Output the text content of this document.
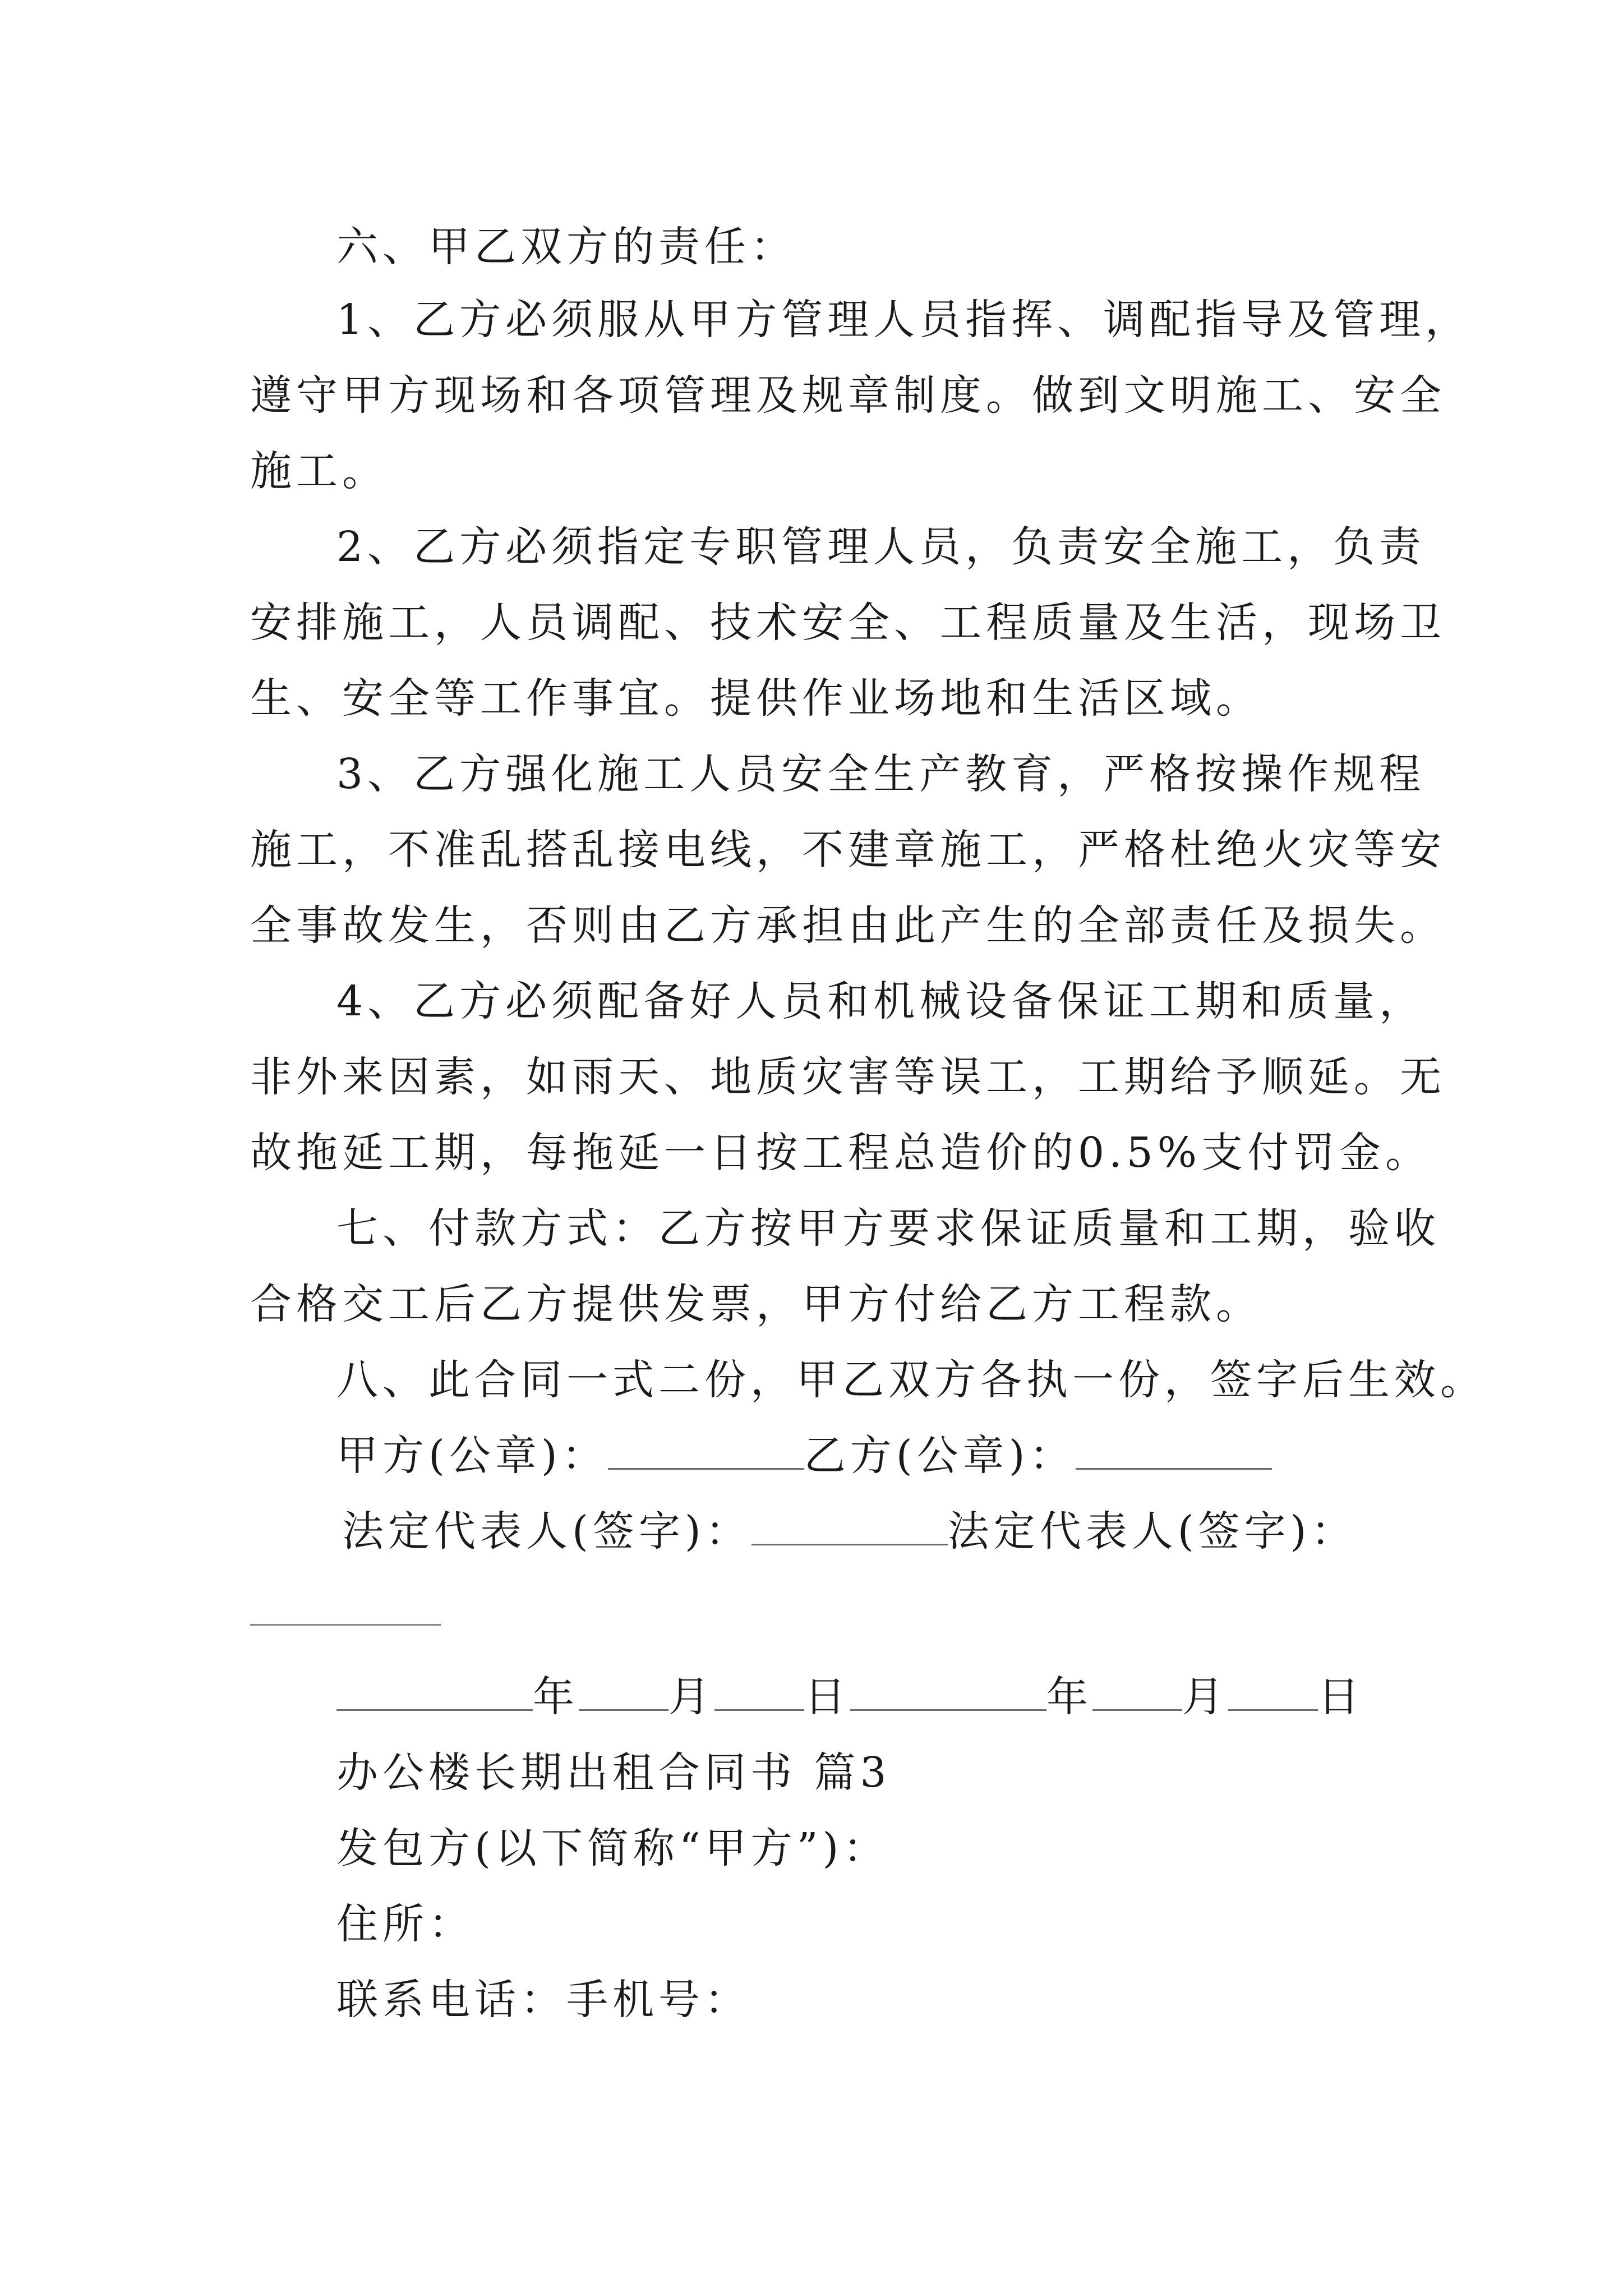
六、甲乙双方的责任：
1、乙方必须服从甲方管理人员指挥、调配指导及管理，
遵守甲方现场和各项管理及规章制度。做到文明施工、安全
施工。
2、乙方必须指定专职管理人员，负责安全施工，负责
安排施工，人员调配、技术安全、工程质量及生活，现场卫
生、安全等工作事宜。提供作业场地和生活区域。
3、乙方强化施工人员安全生产教育，严格按操作规程
施工，不准乱搭乱接电线，不建章施工，严格杜绝火灾等安
全事故发生，否则由乙方承担由此产生的全部责任及损失。
4、乙方必须配备好人员和机械设备保证工期和质量，
非外来因素，如雨天、地质灾害等误工，工期给予顺延。无
故拖延工期，每拖延一日按工程总造价的0.5%支付罚金。
七、付款方式：乙方按甲方要求保证质量和工期，验收
合格交工后乙方提供发票，甲方付给乙方工程款。
八、此合同一式二份，甲乙双方各执一份，签字后生效。
甲方(公章)：	乙方(公章)：
法定代表人(签字)：	法定代表人(签字)：
年 月 日	年 月 日
办公楼长期出租合同书 篇3
发包方(以下简称“甲方”)：
住所：
联系电话：手机号：
